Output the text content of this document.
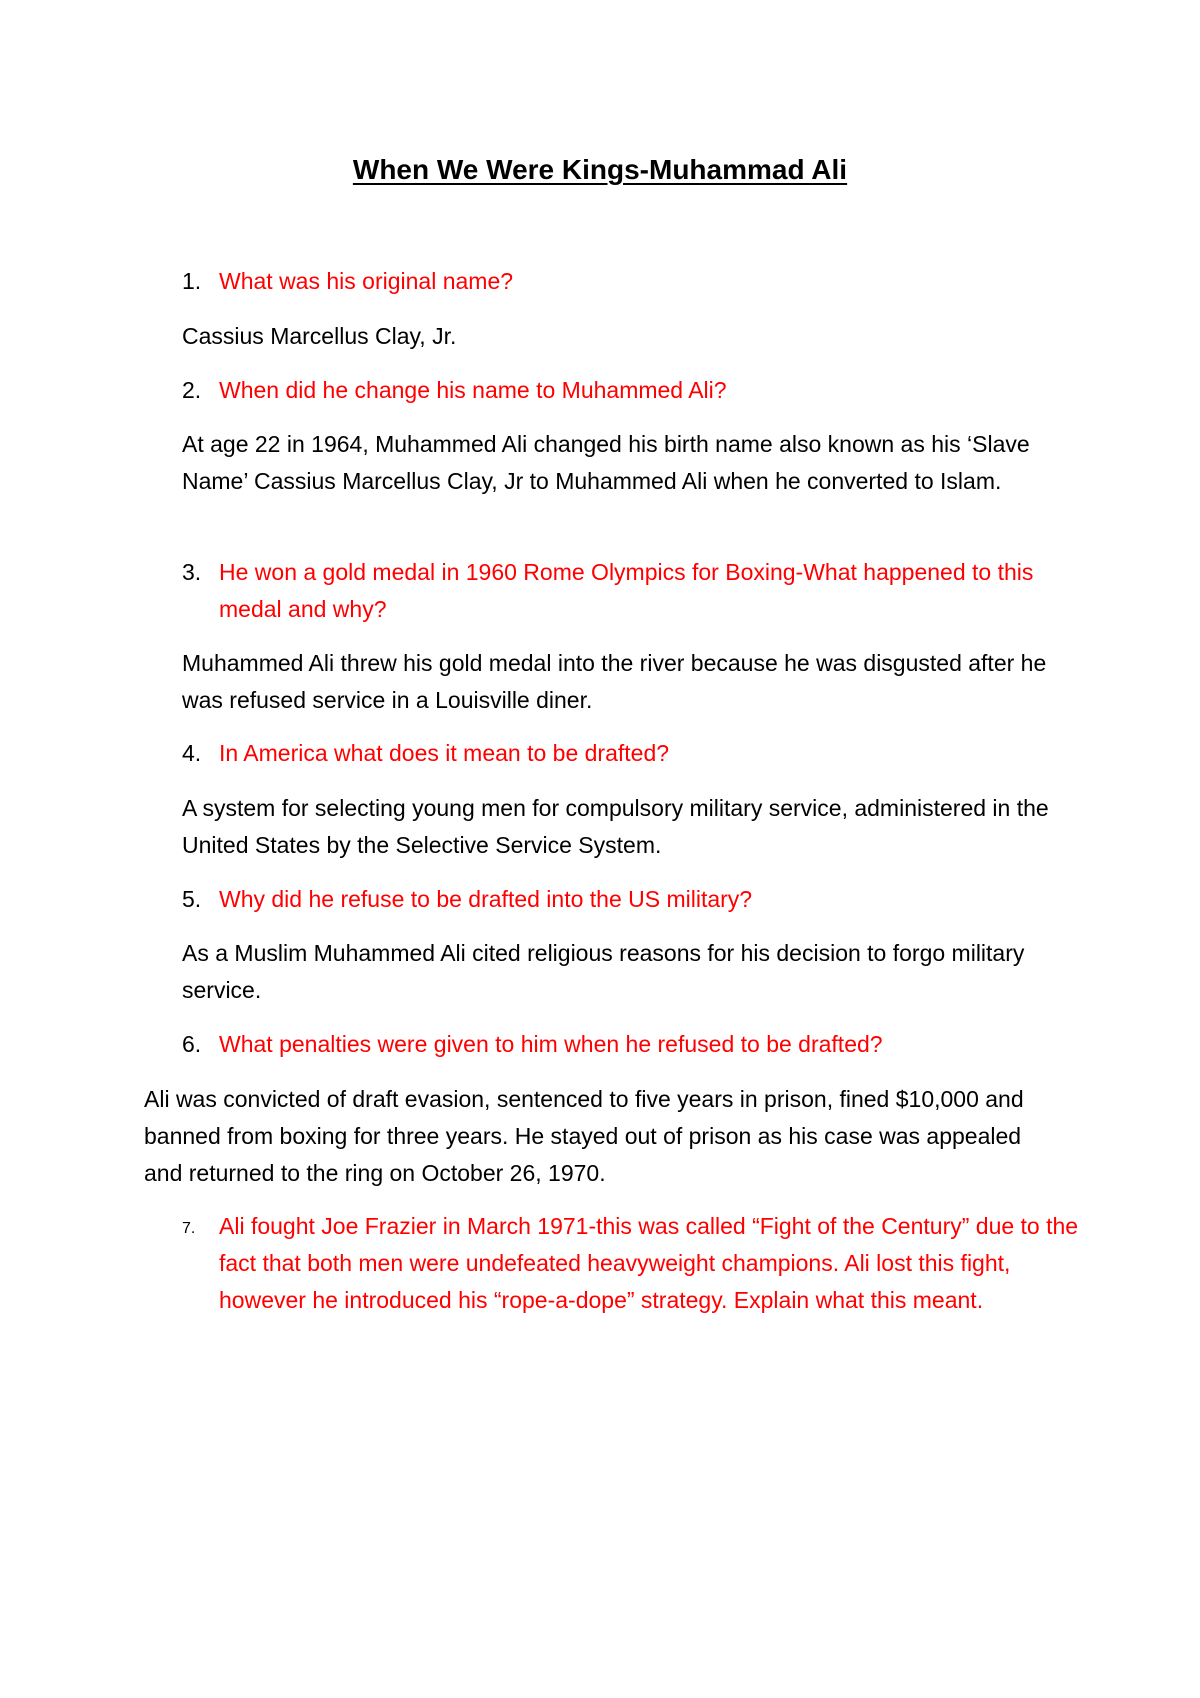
When We Were Kings-Muhammad Ali
1. What was his original name?
Cassius Marcellus Clay, Jr.
2. When did he change his name to Muhammed Ali?
At age 22 in 1964, Muhammed Ali changed his birth name also known as his ‘Slave Name’ Cassius Marcellus Clay, Jr to Muhammed Ali when he converted to Islam.
3. He won a gold medal in 1960 Rome Olympics for Boxing-What happened to this medal and why?
Muhammed Ali threw his gold medal into the river because he was disgusted after he was refused service in a Louisville diner.
4. In America what does it mean to be drafted?
A system for selecting young men for compulsory military service, administered in the United States by the Selective Service System.
5. Why did he refuse to be drafted into the US military?
As a Muslim Muhammed Ali cited religious reasons for his decision to forgo military service.
6. What penalties were given to him when he refused to be drafted?
Ali was convicted of draft evasion, sentenced to five years in prison, fined $10,000 and banned from boxing for three years. He stayed out of prison as his case was appealed and returned to the ring on October 26, 1970.
7. Ali fought Joe Frazier in March 1971-this was called “Fight of the Century” due to the fact that both men were undefeated heavyweight champions. Ali lost this fight, however he introduced his “rope-a-dope” strategy. Explain what this meant.
